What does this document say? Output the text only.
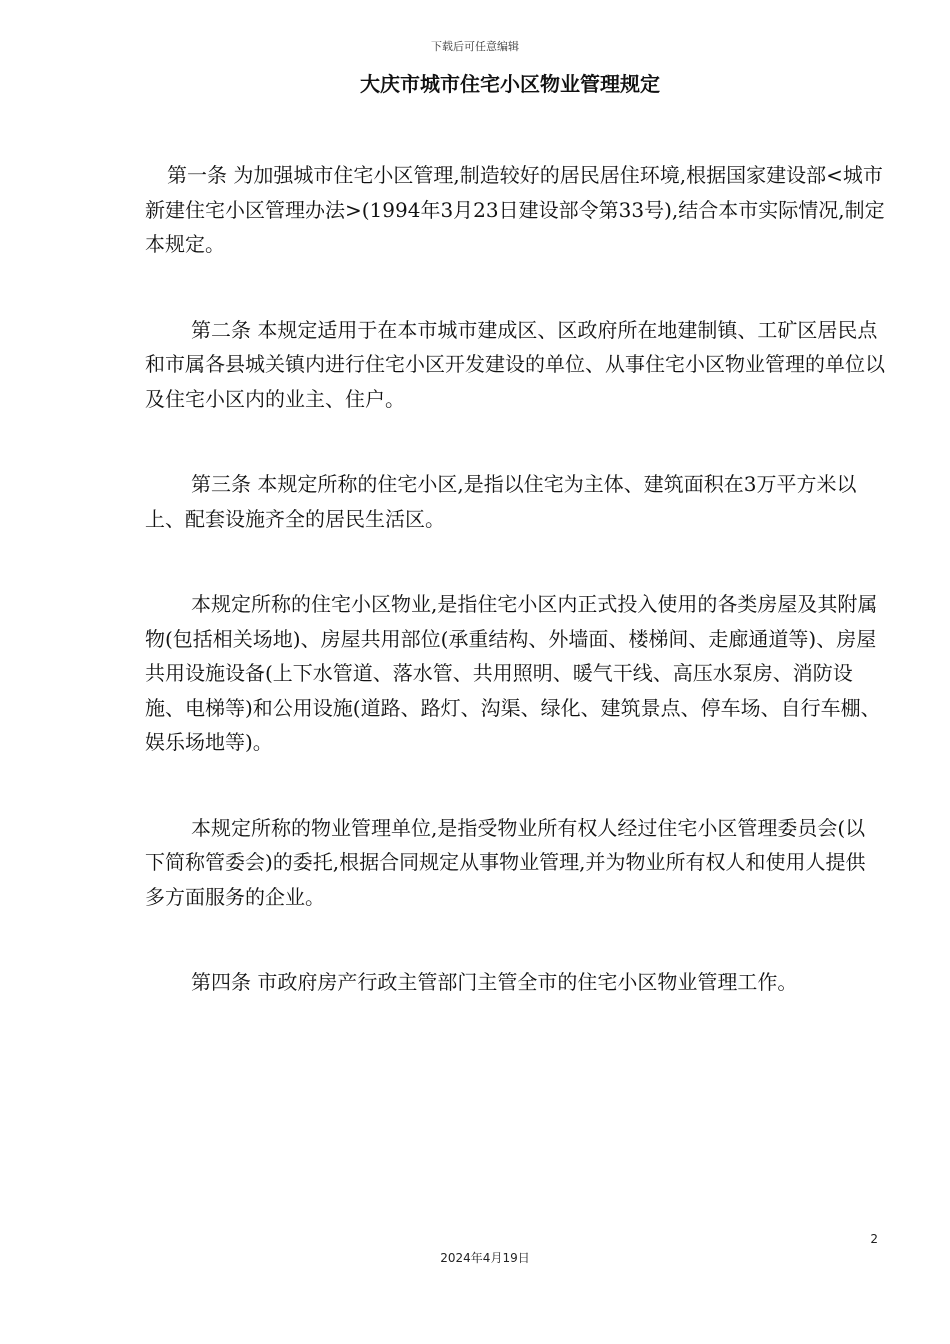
下载后可任意编辑
大庆市城市住宅小区物业管理规定

第一条 为加强城市住宅小区管理,制造较好的居民居住环境,根据国家建设部<城市新建住宅小区管理办法>(1994年3月23日建设部令第33号),结合本市实际情况,制定本规定。

第二条 本规定适用于在本市城市建成区、区政府所在地建制镇、工矿区居民点和市属各县城关镇内进行住宅小区开发建设的单位、从事住宅小区物业管理的单位以及住宅小区内的业主、住户。

第三条 本规定所称的住宅小区,是指以住宅为主体、建筑面积在3万平方米以上、配套设施齐全的居民生活区。

本规定所称的住宅小区物业,是指住宅小区内正式投入使用的各类房屋及其附属物(包括相关场地)、房屋共用部位(承重结构、外墙面、楼梯间、走廊通道等)、房屋共用设施设备(上下水管道、落水管、共用照明、暖气干线、高压水泵房、消防设施、电梯等)和公用设施(道路、路灯、沟渠、绿化、建筑景点、停车场、自行车棚、娱乐场地等)。

本规定所称的物业管理单位,是指受物业所有权人经过住宅小区管理委员会(以下简称管委会)的委托,根据合同规定从事物业管理,并为物业所有权人和使用人提供多方面服务的企业。

第四条 市政府房产行政主管部门主管全市的住宅小区物业管理工作。

2
2024年4月19日
